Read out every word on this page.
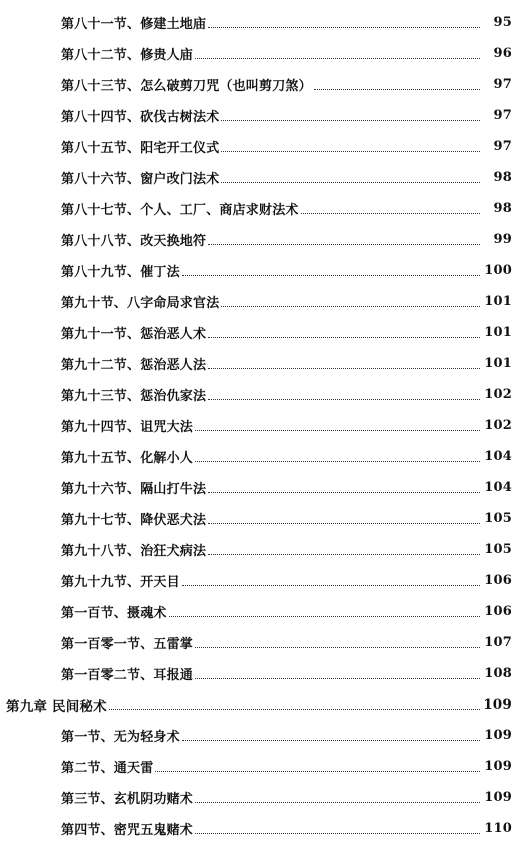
第八十一节、修建土地庙	95
第八十二节、修贵人庙	96
第八十三节、怎么破剪刀咒（也叫剪刀煞）	97
第八十四节、砍伐古树法术	97
第八十五节、阳宅开工仪式	97
第八十六节、窗户改门法术	98
第八十七节、个人、工厂、商店求财法术	98
第八十八节、改天换地符	99
第八十九节、催丁法	100
第九十节、八字命局求官法	101
第九十一节、惩治恶人术	101
第九十二节、惩治恶人法	101
第九十三节、惩治仇家法	102
第九十四节、诅咒大法	102
第九十五节、化解小人	104
第九十六节、隔山打牛法	104
第九十七节、降伏恶犬法	105
第九十八节、治狂犬病法	105
第九十九节、开天目	106
第一百节、摄魂术	106
第一百零一节、五雷掌	107
第一百零二节、耳报通	108
第九章 民间秘术	109
第一节、无为轻身术	109
第二节、通天雷	109
第三节、玄机阴功赌术	109
第四节、密咒五鬼赌术	110
